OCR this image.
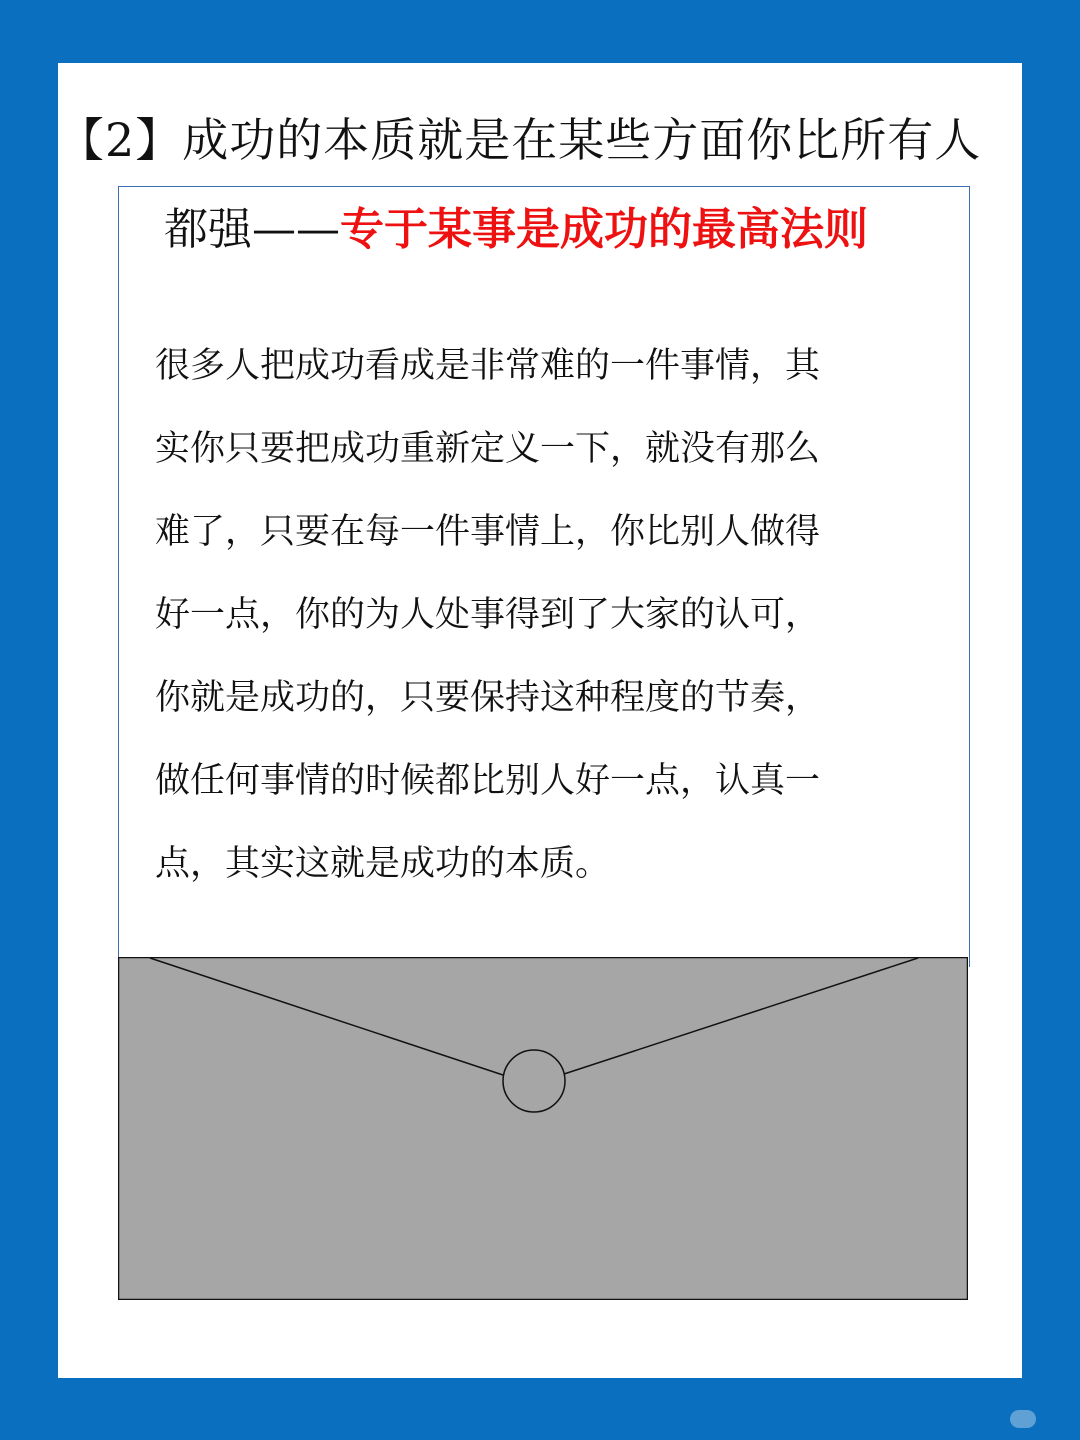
【2】成功的本质就是在某些方面你比所有人
都强——专于某事是成功的最高法则
很多人把成功看成是非常难的一件事情，其
实你只要把成功重新定义一下，就没有那么
难了，只要在每一件事情上，你比别人做得
好一点，你的为人处事得到了大家的认可，
你就是成功的，只要保持这种程度的节奏，
做任何事情的时候都比别人好一点，认真一
点，其实这就是成功的本质。
